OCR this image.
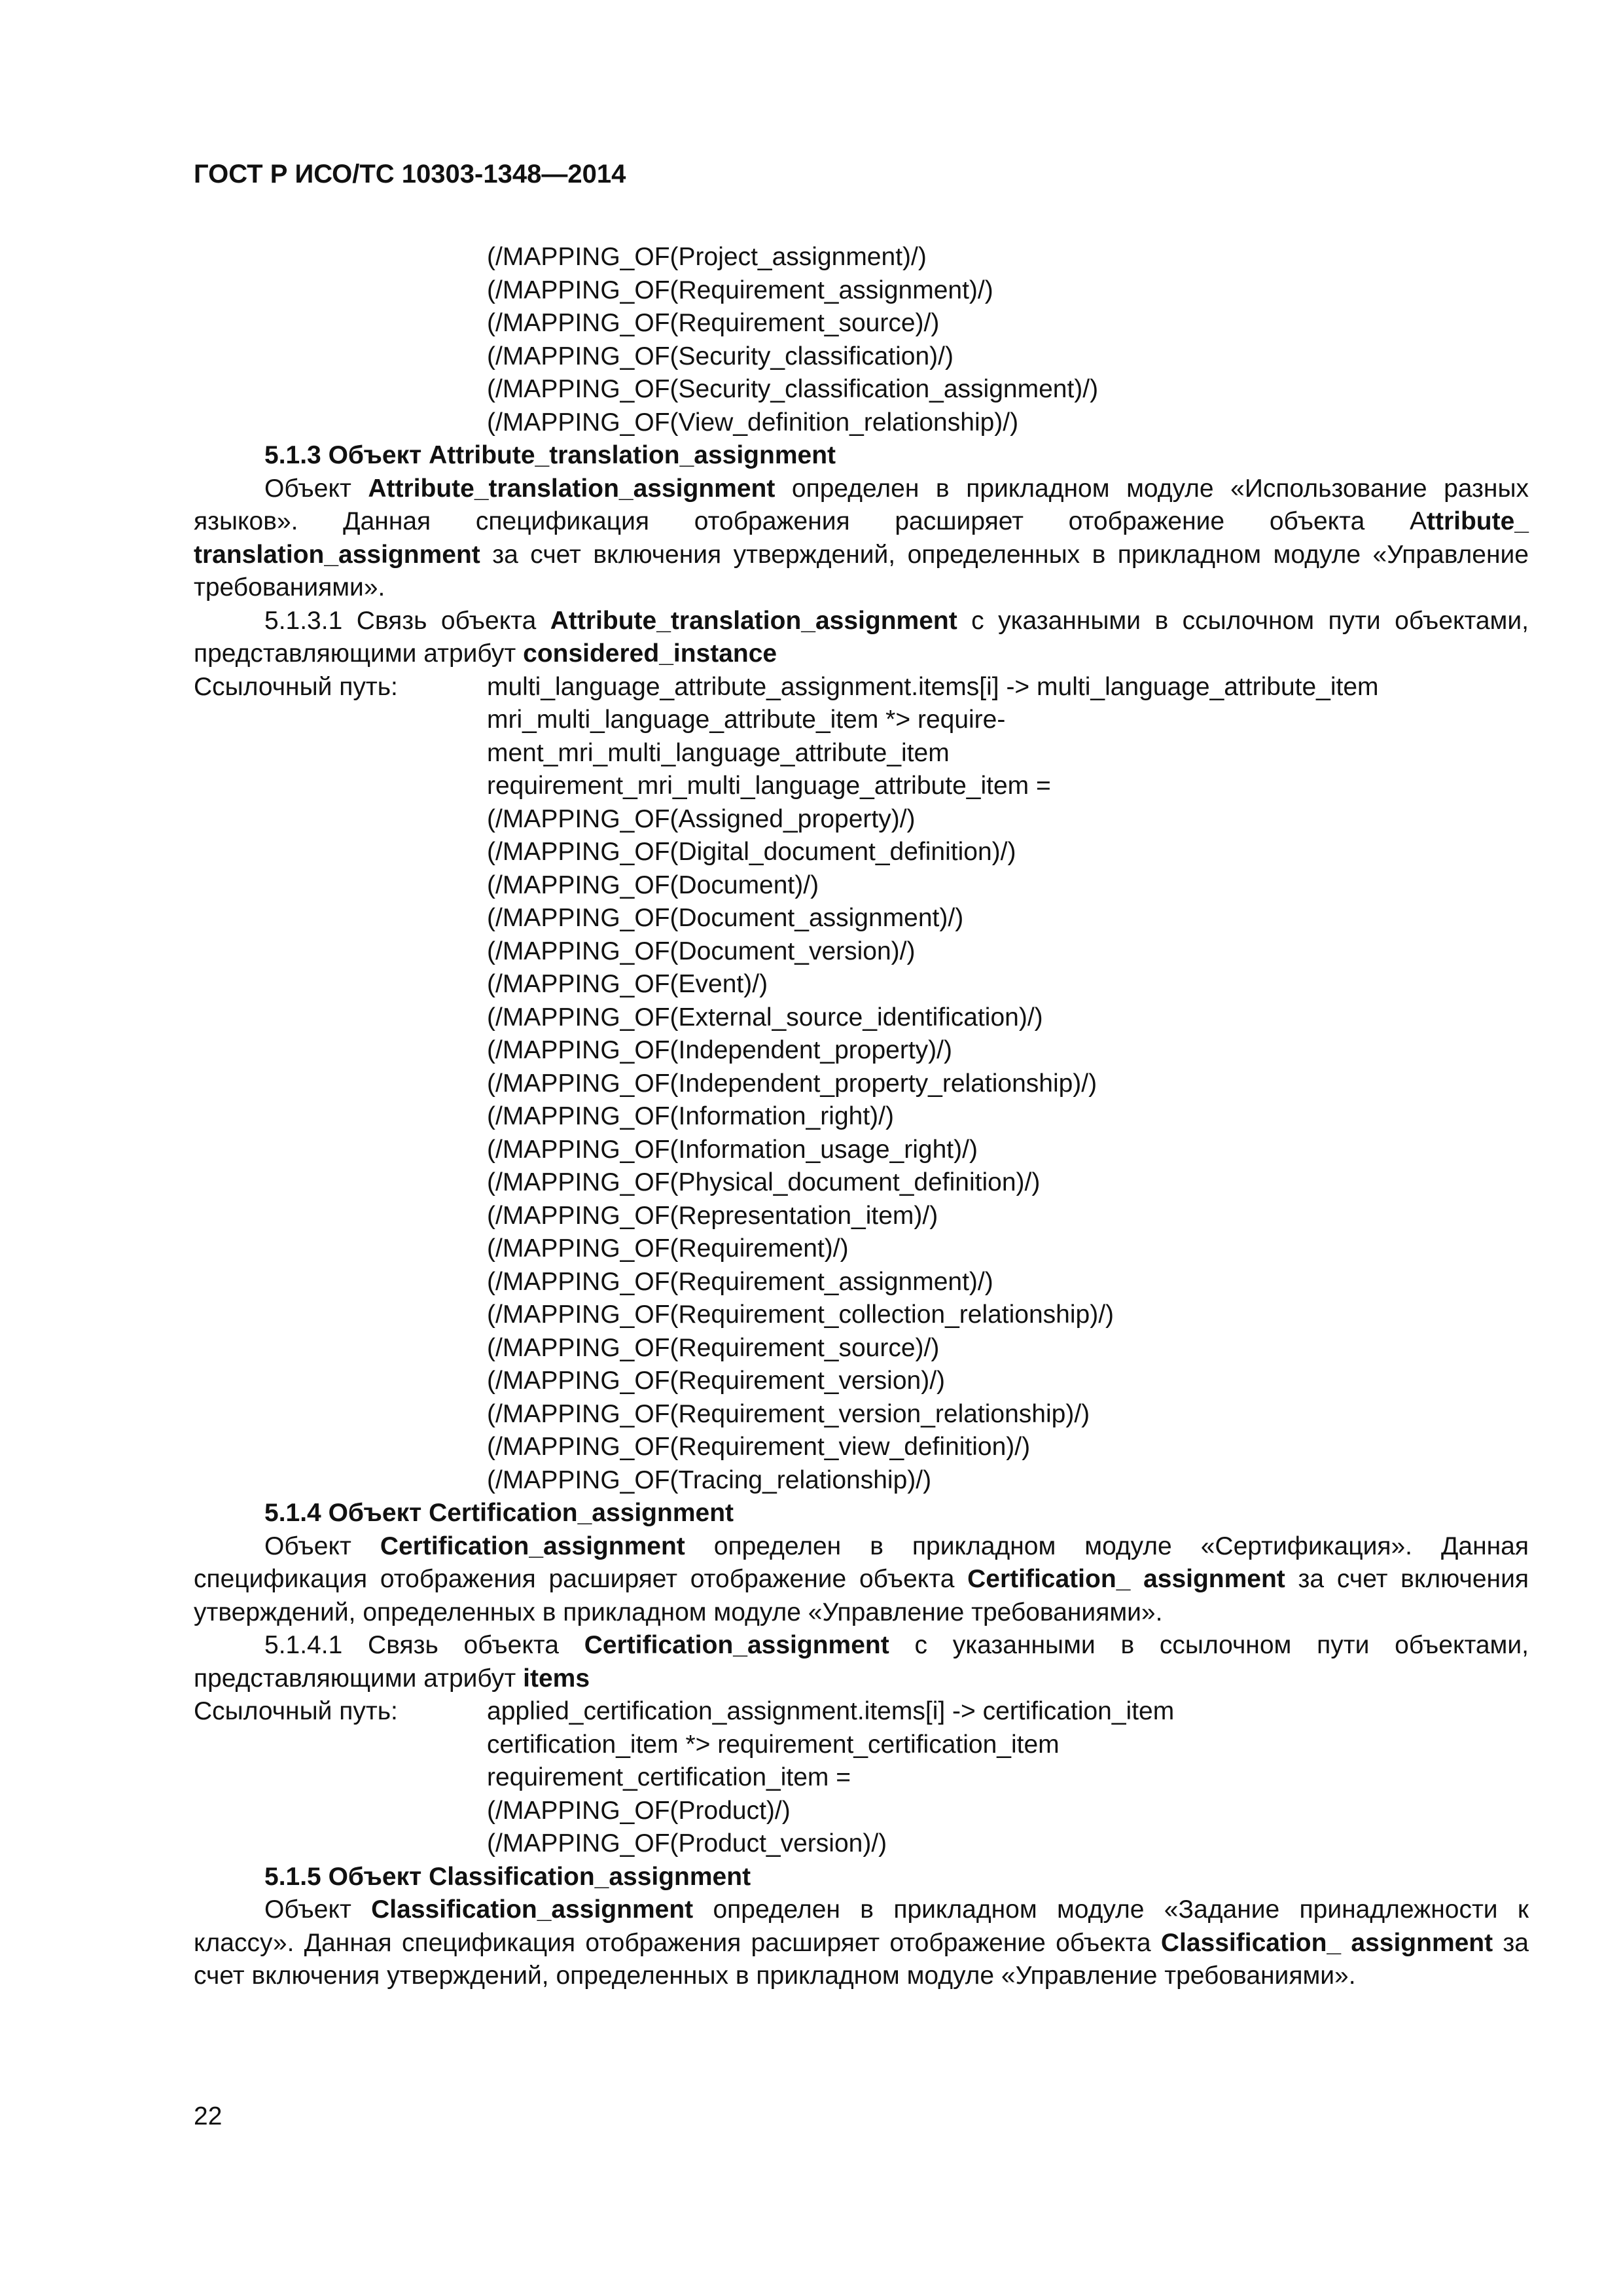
ГОСТ Р ИСО/ТС 10303-1348—2014

(/MAPPING_OF(Project_assignment)/)
(/MAPPING_OF(Requirement_assignment)/)
(/MAPPING_OF(Requirement_source)/)
(/MAPPING_OF(Security_classification)/)
(/MAPPING_OF(Security_classification_assignment)/)
(/MAPPING_OF(View_definition_relationship)/)

5.1.3 Объект Attribute_translation_assignment

Объект Attribute_translation_assignment определен в прикладном модуле «Использование разных языков». Данная спецификация отображения расширяет отображение объекта Attribute_ translation_assignment за счет включения утверждений, определенных в прикладном модуле «Управление требованиями».

5.1.3.1 Связь объекта Attribute_translation_assignment с указанными в ссылочном пути объектами, представляющими атрибут considered_instance

Ссылочный путь:	multi_language_attribute_assignment.items[i] -> multi_language_attribute_item
mri_multi_language_attribute_item *> require-
ment_mri_multi_language_attribute_item
requirement_mri_multi_language_attribute_item =
(/MAPPING_OF(Assigned_property)/)
(/MAPPING_OF(Digital_document_definition)/)
(/MAPPING_OF(Document)/)
(/MAPPING_OF(Document_assignment)/)
(/MAPPING_OF(Document_version)/)
(/MAPPING_OF(Event)/)
(/MAPPING_OF(External_source_identification)/)
(/MAPPING_OF(Independent_property)/)
(/MAPPING_OF(Independent_property_relationship)/)
(/MAPPING_OF(Information_right)/)
(/MAPPING_OF(Information_usage_right)/)
(/MAPPING_OF(Physical_document_definition)/)
(/MAPPING_OF(Representation_item)/)
(/MAPPING_OF(Requirement)/)
(/MAPPING_OF(Requirement_assignment)/)
(/MAPPING_OF(Requirement_collection_relationship)/)
(/MAPPING_OF(Requirement_source)/)
(/MAPPING_OF(Requirement_version)/)
(/MAPPING_OF(Requirement_version_relationship)/)
(/MAPPING_OF(Requirement_view_definition)/)
(/MAPPING_OF(Tracing_relationship)/)

5.1.4 Объект Certification_assignment

Объект Certification_assignment определен в прикладном модуле «Сертификация». Данная спецификация отображения расширяет отображение объекта Certification_ assignment за счет включения утверждений, определенных в прикладном модуле «Управление требованиями».

5.1.4.1 Связь объекта Certification_assignment с указанными в ссылочном пути объектами, представляющими атрибут items

Ссылочный путь:	applied_certification_assignment.items[i] -> certification_item
certification_item *> requirement_certification_item
requirement_certification_item =
(/MAPPING_OF(Product)/)
(/MAPPING_OF(Product_version)/)

5.1.5 Объект Classification_assignment

Объект Classification_assignment определен в прикладном модуле «Задание принадлежности к классу». Данная спецификация отображения расширяет отображение объекта Classification_ assignment за счет включения утверждений, определенных в прикладном модуле «Управление требованиями».

22
